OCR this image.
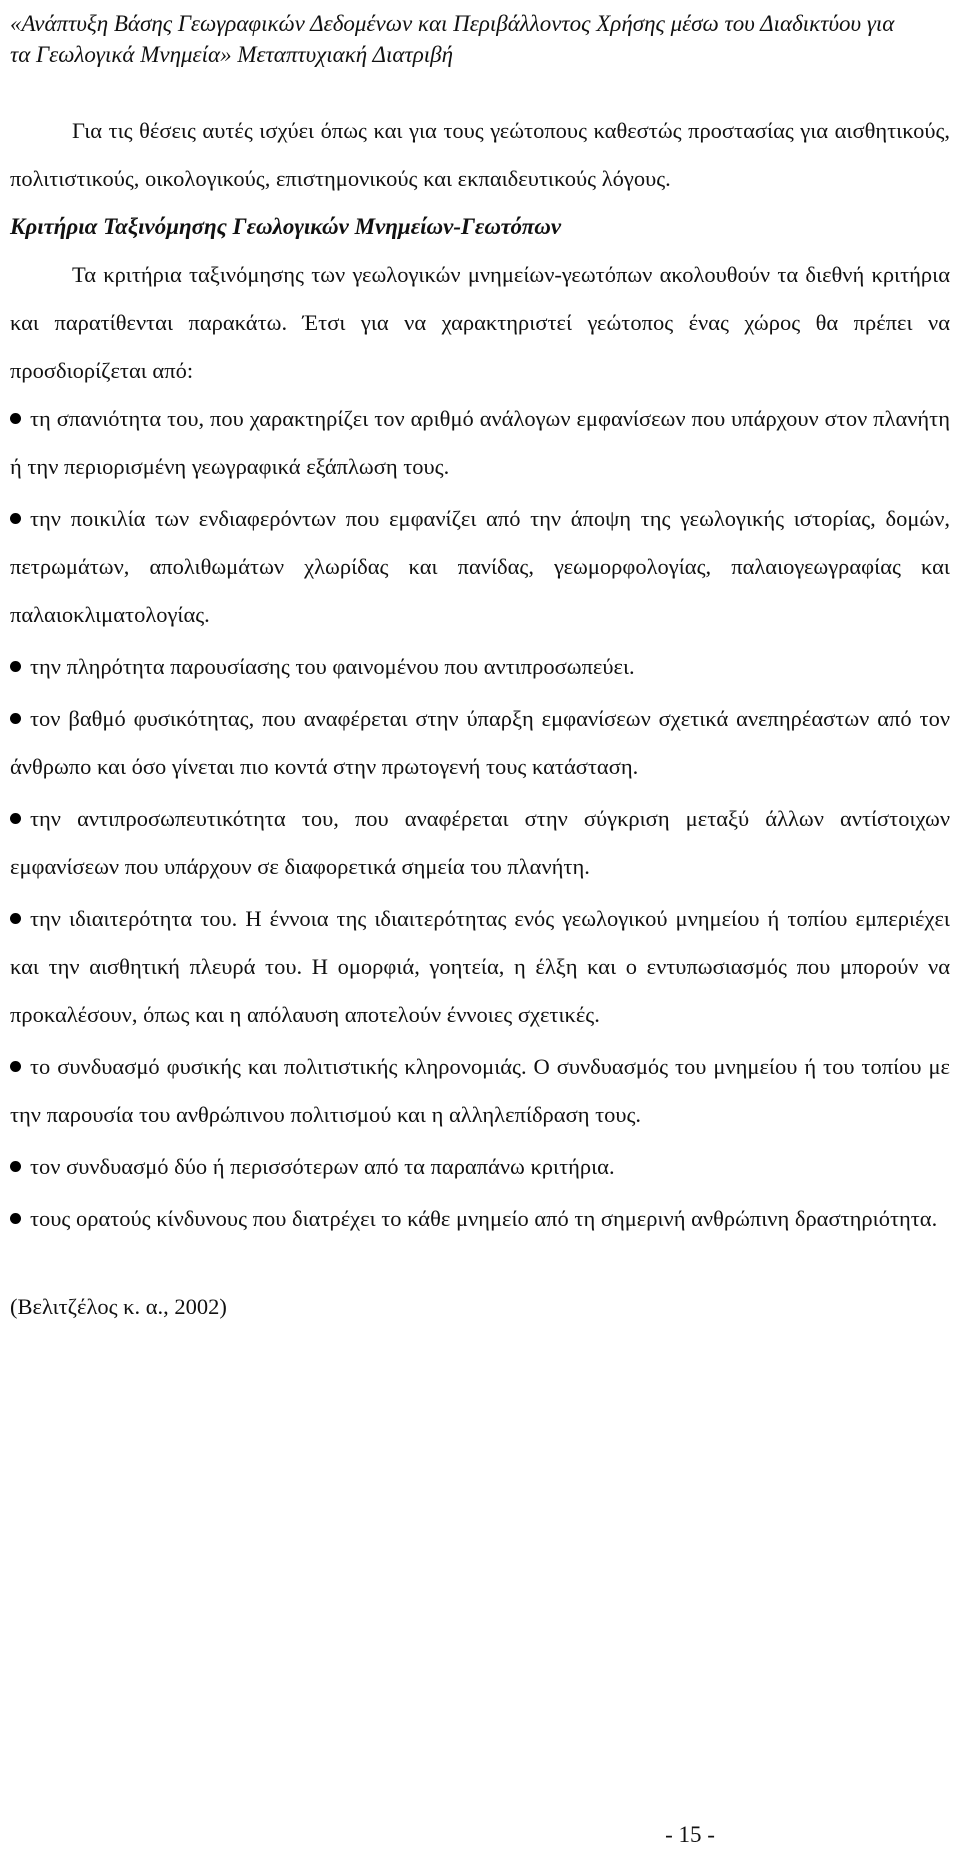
«Ανάπτυξη Βάσης Γεωγραφικών Δεδομένων και Περιβάλλοντος Χρήσης μέσω του Διαδικτύου για
τα Γεωλογικά Μνημεία» Μεταπτυχιακή Διατριβή

Για τις θέσεις αυτές ισχύει όπως και για τους γεώτοπους καθεστώς προστασίας για αισθητικούς, πολιτιστικούς, οικολογικούς, επιστημονικούς και εκπαιδευτικούς λόγους.

Κριτήρια Ταξινόμησης Γεωλογικών Μνημείων-Γεωτόπων

Τα κριτήρια ταξινόμησης των γεωλογικών μνημείων-γεωτόπων ακολουθούν τα διεθνή κριτήρια και παρατίθενται παρακάτω. Έτσι για να χαρακτηριστεί γεώτοπος ένας χώρος θα πρέπει να προσδιορίζεται από:

τη σπανιότητα του, που χαρακτηρίζει τον αριθμό ανάλογων εμφανίσεων που υπάρχουν στον πλανήτη ή την περιορισμένη γεωγραφικά εξάπλωση τους.
την ποικιλία των ενδιαφερόντων που εμφανίζει από την άποψη της γεωλογικής ιστορίας, δομών, πετρωμάτων, απολιθωμάτων χλωρίδας και πανίδας, γεωμορφολογίας, παλαιογεωγραφίας και παλαιοκλιματολογίας.
την πληρότητα παρουσίασης του φαινομένου που αντιπροσωπεύει.
τον βαθμό φυσικότητας, που αναφέρεται στην ύπαρξη εμφανίσεων σχετικά ανεπηρέαστων από τον άνθρωπο και όσο γίνεται πιο κοντά στην πρωτογενή τους κατάσταση.
την αντιπροσωπευτικότητα του, που αναφέρεται στην σύγκριση μεταξύ άλλων αντίστοιχων εμφανίσεων που υπάρχουν σε διαφορετικά σημεία του πλανήτη.
την ιδιαιτερότητα του. Η έννοια της ιδιαιτερότητας ενός γεωλογικού μνημείου ή τοπίου εμπεριέχει και την αισθητική πλευρά του. Η ομορφιά, γοητεία, η έλξη και ο εντυπωσιασμός που μπορούν να προκαλέσουν, όπως και η απόλαυση αποτελούν έννοιες σχετικές.
το συνδυασμό φυσικής και πολιτιστικής κληρονομιάς. Ο συνδυασμός του μνημείου ή του τοπίου με την παρουσία του ανθρώπινου πολιτισμού και η αλληλεπίδραση τους.
τον συνδυασμό δύο ή περισσότερων από τα παραπάνω κριτήρια.
τους ορατούς κίνδυνους που διατρέχει το κάθε μνημείο από τη σημερινή ανθρώπινη δραστηριότητα.

(Βελιτζέλος κ. α., 2002)

- 15 -
